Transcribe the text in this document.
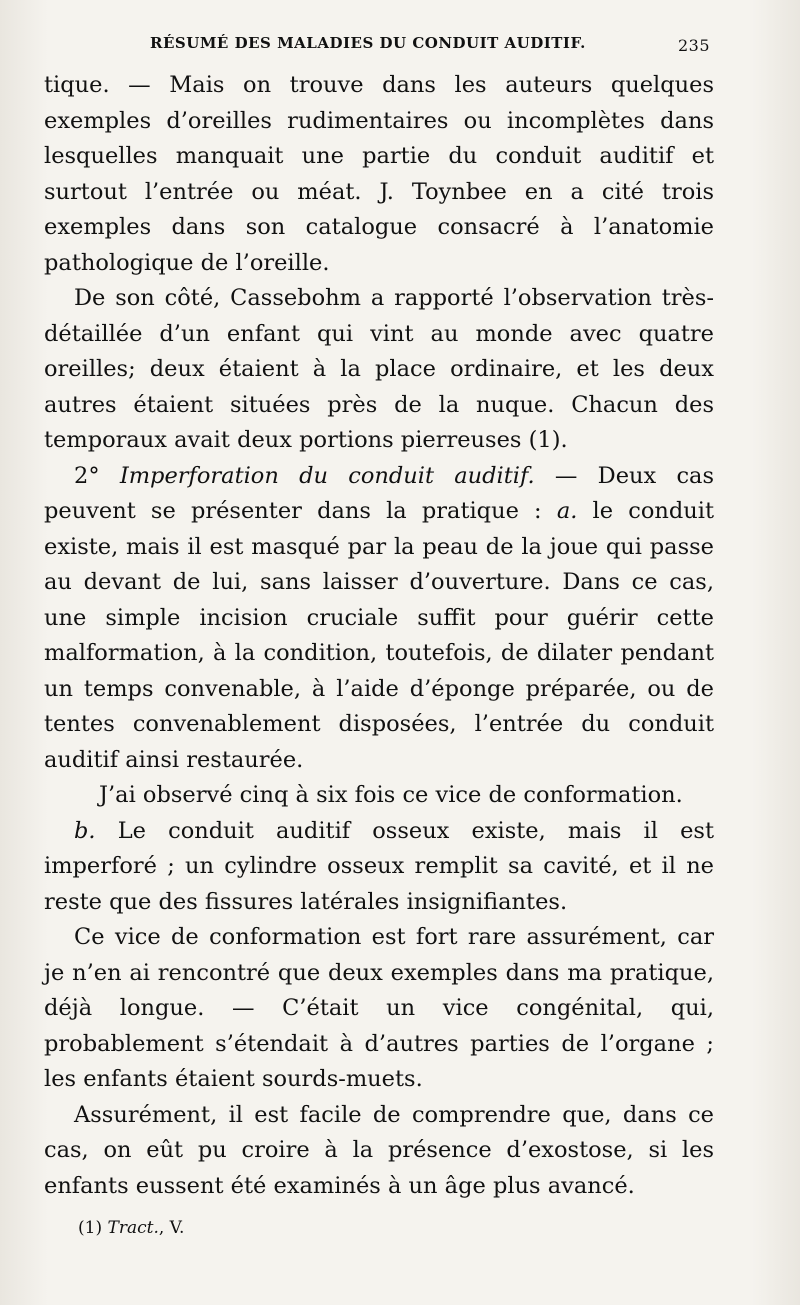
RÉSUMÉ DES MALADIES DU CONDUIT AUDITIF.	235

tique. — Mais on trouve dans les auteurs quelques exemples d’oreilles rudimentaires ou incomplètes dans lesquelles manquait une partie du conduit auditif et surtout l’entrée ou méat. J. Toynbee en a cité trois exemples dans son catalogue consacré à l’anatomie pathologique de l’oreille.

De son côté, Cassebohm a rapporté l’observation très-détaillée d’un enfant qui vint au monde avec quatre oreilles; deux étaient à la place ordinaire, et les deux autres étaient situées près de la nuque. Chacun des temporaux avait deux portions pierreuses (1).

2° Imperforation du conduit auditif. — Deux cas peuvent se présenter dans la pratique : a. le conduit existe, mais il est masqué par la peau de la joue qui passe au devant de lui, sans laisser d’ouverture. Dans ce cas, une simple incision cruciale suffit pour guérir cette malformation, à la condition, toutefois, de dilater pendant un temps convenable, à l’aide d’éponge préparée, ou de tentes convenablement disposées, l’entrée du conduit auditif ainsi restaurée.

J’ai observé cinq à six fois ce vice de conformation.

b. Le conduit auditif osseux existe, mais il est imperforé ; un cylindre osseux remplit sa cavité, et il ne reste que des fissures latérales insignifiantes.

Ce vice de conformation est fort rare assurément, car je n’en ai rencontré que deux exemples dans ma pratique, déjà longue. — C’était un vice congénital, qui, probablement s’étendait à d’autres parties de l’organe ; les enfants étaient sourds-muets.

Assurément, il est facile de comprendre que, dans ce cas, on eût pu croire à la présence d’exostose, si les enfants eussent été examinés à un âge plus avancé.

(1) Tract., V.
